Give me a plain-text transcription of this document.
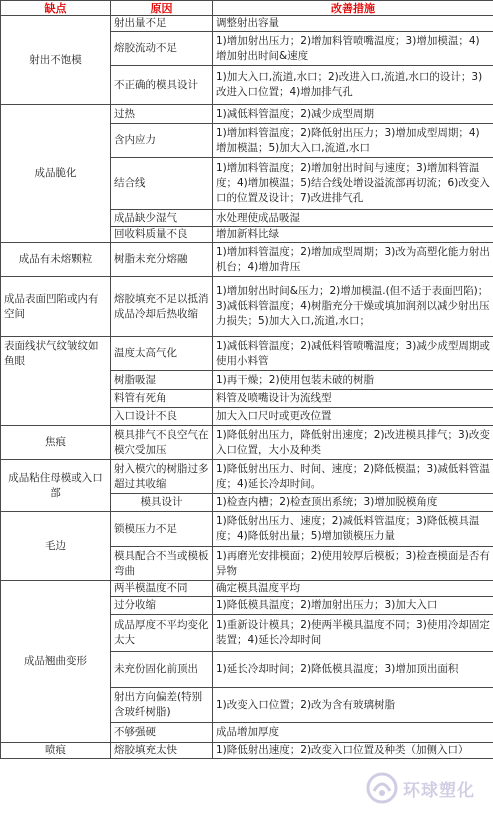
缺点	原因	改善措施
射出不饱模	射出量不足	调整射出容量
	熔胶流动不足	1)增加射出压力；2)增加料管喷嘴温度；3)增加模温；4)增加射出时间&速度
	不正确的模具设计	1)加大入口,流道,水口；2)改进入口,流道,水口的设计；3)改进入口位置；4)增加排气孔
成品脆化	过热	1)减低料管温度；2)减少成型周期
	含内应力	1)增加料管温度；2)降低射出压力；3)增加成型周期；4)增加模温；5)加大入口,流道,水口
	结合线	1)增加料管温度；2)增加射出时间与速度；3)增加料管温度；4)增加模温；5)结合线处增设溢流部再切流；6)改变入口的位置及设计；7)改进排气孔
	成品缺少湿气	水处理使成品吸湿
	回收料质量不良	增加新料比绿
成品有未熔颗粒	树脂未充分熔融	1)增加料管温度；2)增加成型周期；3)改为高塑化能力射出机台；4)增加背压
成品表面凹陷或内有空间	熔胶填充不足以抵消成品冷却后热收缩	1)增加射出时间&压力；2)增加模温.(但不适于表面凹陷)；3)减低料管温度；4)树脂充分干燥或填加润剂以减少射出压力损失；5)加大入口,流道,水口；
表面线状气纹皱纹如鱼眼	温度太高气化	1)减低料管温度；2)减低料管喷嘴温度；3)减少成型周期或使用小料管
	树脂吸湿	1)再干燥；2)使用包装未破的树脂
	料管有死角	料管及喷嘴设计为流线型
	入口设计不良	加大入口尺吋或更改位置
焦痕	模具排气不良空气在模穴受加压	1)降低射出压力，降低射出速度；2)改进模具排气；3)改变入口位置，大小及种类
成品粘住母模或入口部	射入模穴的树脂过多超过其收缩	1)降低射出压力、时间、速度；2)降低模温；3)减低料管温度；4)延长冷却时间。
	模具设计	1)检查内槽；2)检查顶出系统；3)增加脱模角度
毛边	锁模压力不足	1)降低射出压力、速度；2)减低料管温度；3)降低模具温度；4)降低射出量；5)增加锁模压力量
	模具配合不当或模板弯曲	1)再磨光安排模面；2)使用较厚后模板；3)检查模面是否有异物
成品翘曲变形	两半模温度不同	确定模具温度平均
	过分收缩	1)降低模具温度；2)增加射出压力；3)加大入口
	成品厚度不平均变化太大	1)重新设计模具；2)使两半模具温度不同；3)使用冷却固定装置；4)延长冷却时间
	未充份固化前顶出	1)延长冷却时间；2)降低模具温度；3)增加顶出面积
	射出方向偏差(特别含玻纤树脂)	1)改变入口位置；2)改为含有玻璃树脂
	不够强硬	成品增加厚度
喷痕	熔胶填充太快	1)降低射出速度；2)改变入口位置及种类（加侧入口）
环球塑化
